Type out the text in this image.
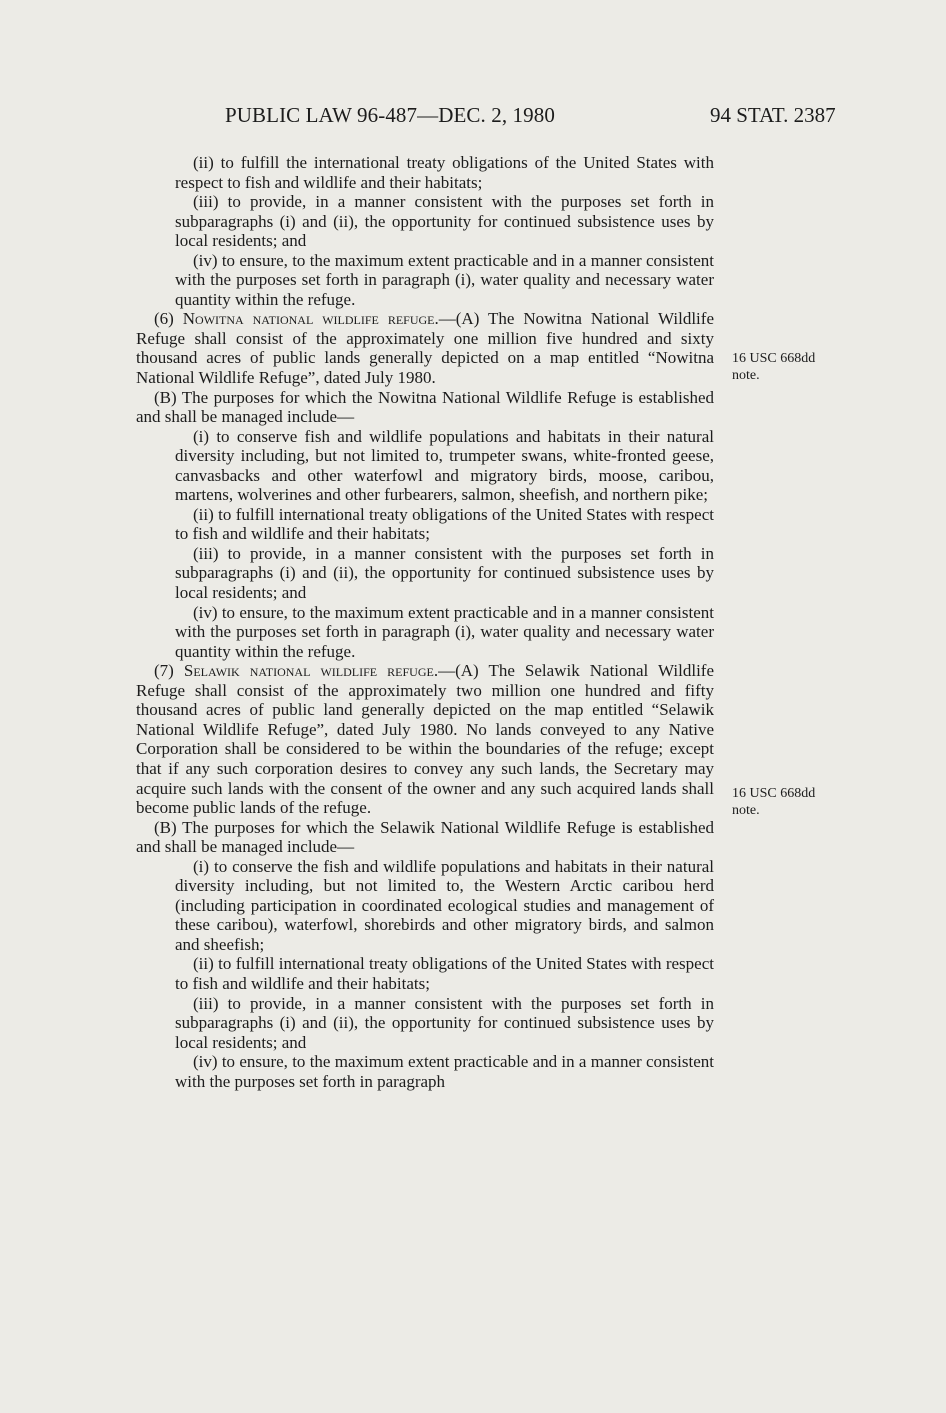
PUBLIC LAW 96-487—DEC. 2, 1980	94 STAT. 2387

(ii) to fulfill the international treaty obligations of the United States with respect to fish and wildlife and their habitats;

(iii) to provide, in a manner consistent with the purposes set forth in subparagraphs (i) and (ii), the opportunity for continued subsistence uses by local residents; and

(iv) to ensure, to the maximum extent practicable and in a manner consistent with the purposes set forth in paragraph (i), water quality and necessary water quantity within the refuge.

(6) Nowitna national wildlife refuge.—(A) The Nowitna National Wildlife Refuge shall consist of the approximately one million five hundred and sixty thousand acres of public lands generally depicted on a map entitled “Nowitna National Wildlife Refuge”, dated July 1980.

(B) The purposes for which the Nowitna National Wildlife Refuge is established and shall be managed include—

(i) to conserve fish and wildlife populations and habitats in their natural diversity including, but not limited to, trumpeter swans, white-fronted geese, canvasbacks and other waterfowl and migratory birds, moose, caribou, martens, wolverines and other furbearers, salmon, sheefish, and northern pike;

(ii) to fulfill international treaty obligations of the United States with respect to fish and wildlife and their habitats;

(iii) to provide, in a manner consistent with the purposes set forth in subparagraphs (i) and (ii), the opportunity for continued subsistence uses by local residents; and

(iv) to ensure, to the maximum extent practicable and in a manner consistent with the purposes set forth in paragraph (i), water quality and necessary water quantity within the refuge.

(7) Selawik national wildlife refuge.—(A) The Selawik National Wildlife Refuge shall consist of the approximately two million one hundred and fifty thousand acres of public land generally depicted on the map entitled “Selawik National Wildlife Refuge”, dated July 1980. No lands conveyed to any Native Corporation shall be considered to be within the boundaries of the refuge; except that if any such corporation desires to convey any such lands, the Secretary may acquire such lands with the consent of the owner and any such acquired lands shall become public lands of the refuge.

(B) The purposes for which the Selawik National Wildlife Refuge is established and shall be managed include—

(i) to conserve the fish and wildlife populations and habitats in their natural diversity including, but not limited to, the Western Arctic caribou herd (including participation in coordinated ecological studies and management of these caribou), waterfowl, shorebirds and other migratory birds, and salmon and sheefish;

(ii) to fulfill international treaty obligations of the United States with respect to fish and wildlife and their habitats;

(iii) to provide, in a manner consistent with the purposes set forth in subparagraphs (i) and (ii), the opportunity for continued subsistence uses by local residents; and

(iv) to ensure, to the maximum extent practicable and in a manner consistent with the purposes set forth in paragraph

16 USC 668dd
note.
16 USC 668dd
note.
